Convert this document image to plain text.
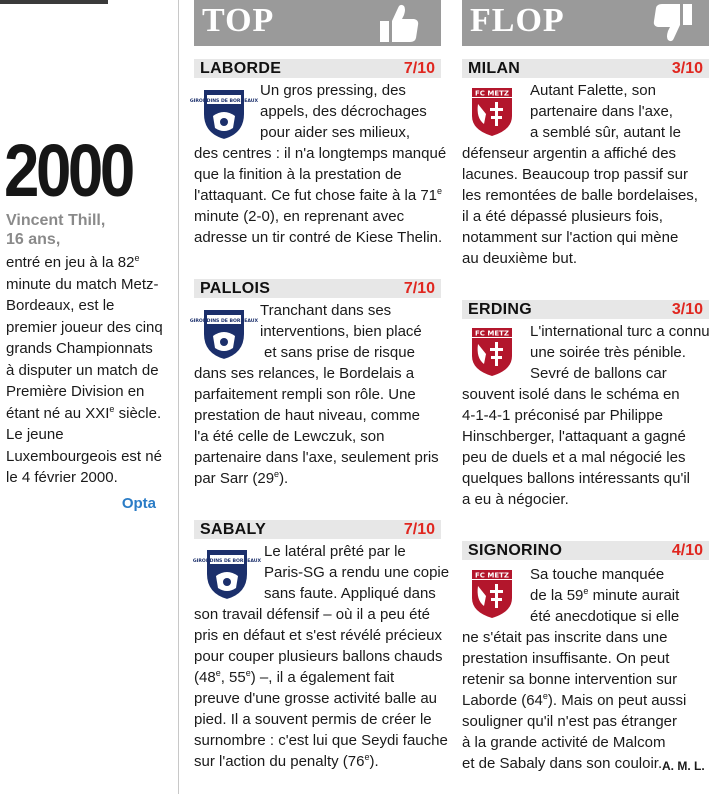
2000
Vincent Thill,
16 ans,
entré en jeu à la 82e
minute du match Metz-
Bordeaux, est le
premier joueur des cinq
grands Championnats
à disputer un match de
Première Division en
étant né au XXIe siècle.
Le jeune
Luxembourgeois est né
le 4 février 2000.
Opta
TOP	FLOP
LABORDE	7/10
GIRONDINS DE BORDEAUX
Un gros pressing, des
appels, des décrochages
pour aider ses milieux,
des centres : il n'a longtemps manqué
que la finition à la prestation de
l'attaquant. Ce fut chose faite à la 71e
minute (2-0), en reprenant avec
adresse un tir contré de Kiese Thelin.
PALLOIS	7/10
GIRONDINS DE BORDEAUX
Tranchant dans ses
interventions, bien placé
et sans prise de risque
dans ses relances, le Bordelais a
parfaitement rempli son rôle. Une
prestation de haut niveau, comme
l'a été celle de Lewczuk, son
partenaire dans l'axe, seulement pris
par Sarr (29e).
SABALY	7/10
GIRONDINS DE BORDEAUX
Le latéral prêté par le
Paris-SG a rendu une copie
sans faute. Appliqué dans
son travail défensif – où il a peu été
pris en défaut et s'est révélé précieux
pour couper plusieurs ballons chauds
(48e, 55e) –, il a également fait
preuve d'une grosse activité balle au
pied. Il a souvent permis de créer le
surnombre : c'est lui que Seydi fauche
sur l'action du penalty (76e).
MILAN	3/10
FC METZ Autant Falette, son
partenaire dans l'axe,
a semblé sûr, autant le
défenseur argentin a affiché des
lacunes. Beaucoup trop passif sur
les remontées de balle bordelaises,
il a été dépassé plusieurs fois,
notamment sur l'action qui mène
au deuxième but.
ERDING	3/10
FC METZ L'international turc a connu
une soirée très pénible.
Sevré de ballons car
souvent isolé dans le schéma en
4-1-4-1 préconisé par Philippe
Hinschberger, l'attaquant a gagné
peu de duels et a mal négocié les
quelques ballons intéressants qu'il
a eu à négocier.
SIGNORINO	4/10
FC METZ Sa touche manquée
de la 59e minute aurait
été anecdotique si elle
ne s'était pas inscrite dans une
prestation insuffisante. On peut
retenir sa bonne intervention sur
Laborde (64e). Mais on peut aussi
souligner qu'il n'est pas étranger
à la grande activité de Malcom
et de Sabaly dans son couloir. A. M. L.
